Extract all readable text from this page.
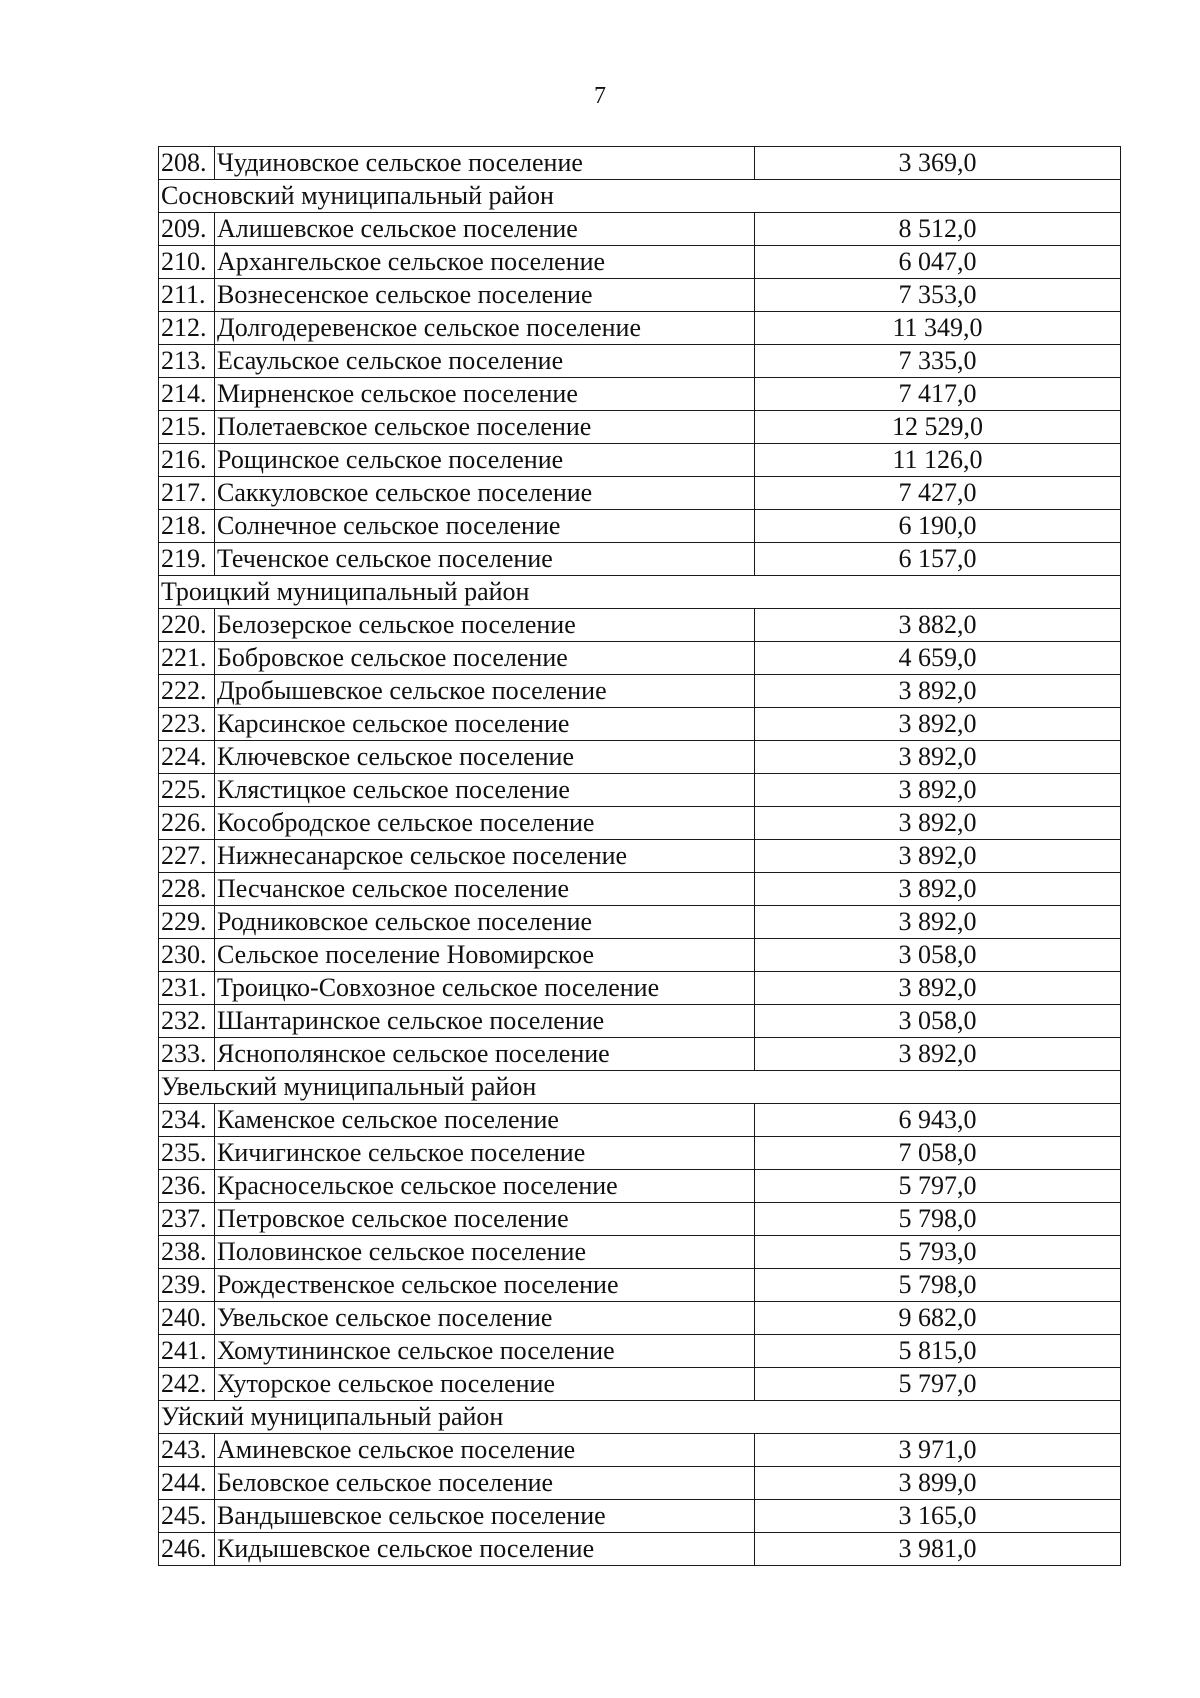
7
208.	Чудиновское сельское поселение	3 369,0
Сосновский муниципальный район		
209.	Алишевское сельское поселение	8 512,0
210.	Архангельское сельское поселение	6 047,0
211.	Вознесенское сельское поселение	7 353,0
212.	Долгодеревенское сельское поселение	11 349,0
213.	Есаульское сельское поселение	7 335,0
214.	Мирненское сельское поселение	7 417,0
215.	Полетаевское сельское поселение	12 529,0
216.	Рощинское сельское поселение	11 126,0
217.	Саккуловское сельское поселение	7 427,0
218.	Солнечное сельское поселение	6 190,0
219.	Теченское сельское поселение	6 157,0
Троицкий муниципальный район		
220.	Белозерское сельское поселение	3 882,0
221.	Бобровское сельское поселение	4 659,0
222.	Дробышевское сельское поселение	3 892,0
223.	Карсинское сельское поселение	3 892,0
224.	Ключевское сельское поселение	3 892,0
225.	Клястицкое сельское поселение	3 892,0
226.	Кособродское сельское поселение	3 892,0
227.	Нижнесанарское сельское поселение	3 892,0
228.	Песчанское сельское поселение	3 892,0
229.	Родниковское сельское поселение	3 892,0
230.	Сельское поселение Новомирское	3 058,0
231.	Троицко-Совхозное сельское поселение	3 892,0
232.	Шантаринское сельское поселение	3 058,0
233.	Яснополянское сельское поселение	3 892,0
Увельский муниципальный район		
234.	Каменское сельское поселение	6 943,0
235.	Кичигинское сельское поселение	7 058,0
236.	Красносельское сельское поселение	5 797,0
237.	Петровское сельское поселение	5 798,0
238.	Половинское сельское поселение	5 793,0
239.	Рождественское сельское поселение	5 798,0
240.	Увельское сельское поселение	9 682,0
241.	Хомутининское сельское поселение	5 815,0
242.	Хуторское сельское поселение	5 797,0
Уйский муниципальный район		
243.	Аминевское сельское поселение	3 971,0
244.	Беловское сельское поселение	3 899,0
245.	Вандышевское сельское поселение	3 165,0
246.	Кидышевское сельское поселение	3 981,0
